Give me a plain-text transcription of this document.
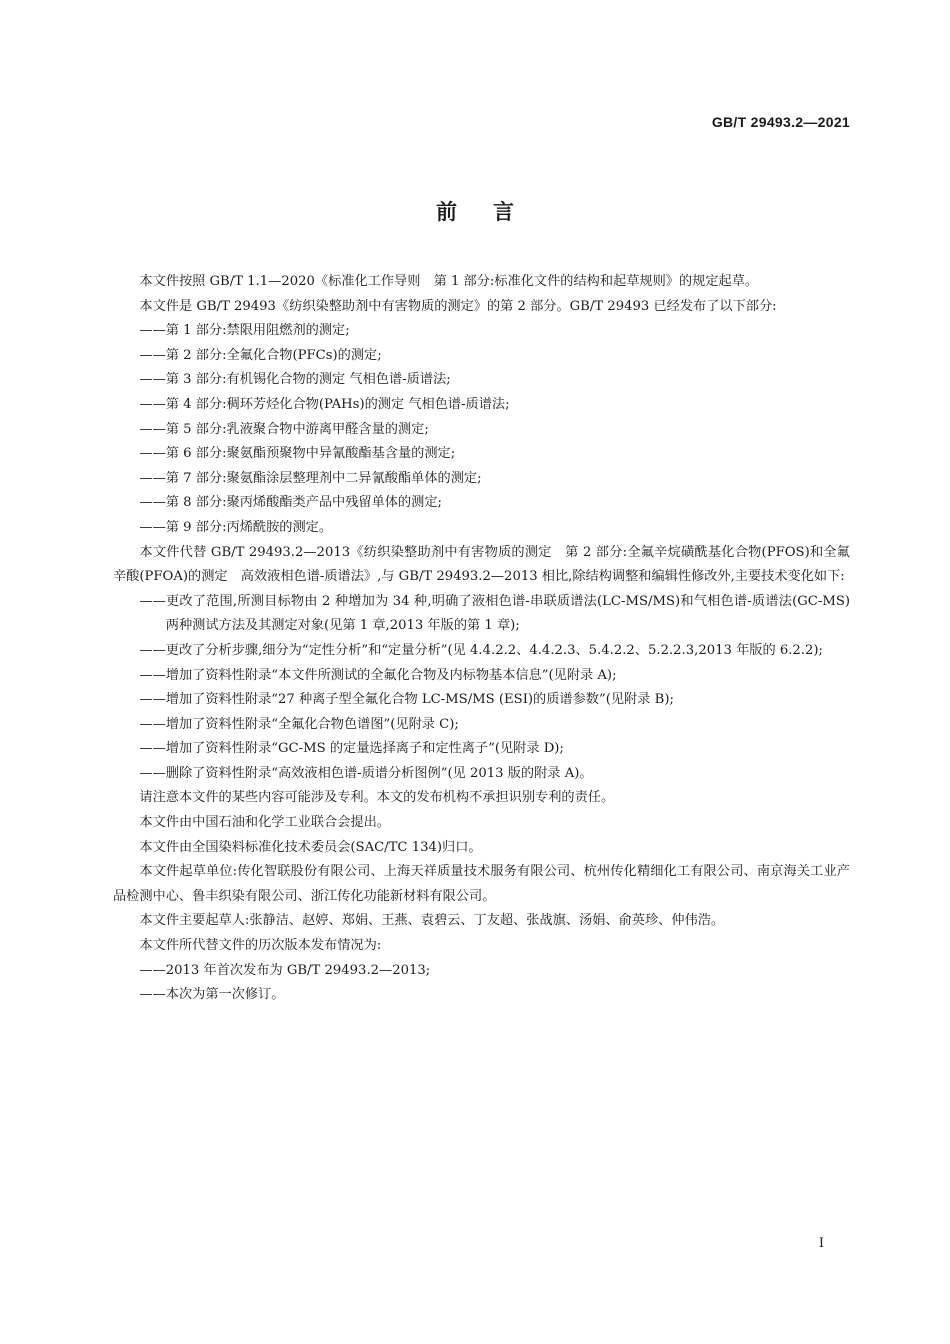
GB/T 29493.2—2021
前言

本文件按照 GB/T 1.1—2020《标准化工作导则　第 1 部分:标准化文件的结构和起草规则》的规定起草。

本文件是 GB/T 29493《纺织染整助剂中有害物质的测定》的第 2 部分。GB/T 29493 已经发布了以下部分:

——第 1 部分:禁限用阻燃剂的测定;

——第 2 部分:全氟化合物(PFCs)的测定;

——第 3 部分:有机锡化合物的测定 气相色谱-质谱法;

——第 4 部分:稠环芳烃化合物(PAHs)的测定 气相色谱-质谱法;

——第 5 部分:乳液聚合物中游离甲醛含量的测定;

——第 6 部分:聚氨酯预聚物中异氰酸酯基含量的测定;

——第 7 部分:聚氨酯涂层整理剂中二异氰酸酯单体的测定;

——第 8 部分:聚丙烯酸酯类产品中残留单体的测定;

——第 9 部分:丙烯酰胺的测定。

本文件代替 GB/T 29493.2—2013《纺织染整助剂中有害物质的测定　第 2 部分:全氟辛烷磺酰基化合物(PFOS)和全氟辛酸(PFOA)的测定　高效液相色谱-质谱法》,与 GB/T 29493.2—2013 相比,除结构调整和编辑性修改外,主要技术变化如下:

——更改了范围,所测目标物由 2 种增加为 34 种,明确了液相色谱-串联质谱法(LC-MS/MS)和气相色谱-质谱法(GC-MS)两种测试方法及其测定对象(见第 1 章,2013 年版的第 1 章);

——更改了分析步骤,细分为“定性分析”和“定量分析”(见 4.4.2.2、4.4.2.3、5.4.2.2、5.2.2.3,2013 年版的 6.2.2);

——增加了资料性附录“本文件所测试的全氟化合物及内标物基本信息”(见附录 A);

——增加了资料性附录“27 种离子型全氟化合物 LC-MS/MS (ESI)的质谱参数”(见附录 B);

——增加了资料性附录“全氟化合物色谱图”(见附录 C);

——增加了资料性附录“GC-MS 的定量选择离子和定性离子”(见附录 D);

——删除了资料性附录“高效液相色谱-质谱分析图例”(见 2013 版的附录 A)。

请注意本文件的某些内容可能涉及专利。本文的发布机构不承担识别专利的责任。

本文件由中国石油和化学工业联合会提出。

本文件由全国染料标准化技术委员会(SAC/TC 134)归口。

本文件起草单位:传化智联股份有限公司、上海天祥质量技术服务有限公司、杭州传化精细化工有限公司、南京海关工业产品检测中心、鲁丰织染有限公司、浙江传化功能新材料有限公司。

本文件主要起草人:张静洁、赵婷、郑娟、王燕、袁碧云、丁友超、张战旗、汤娟、俞英珍、仲伟浩。

本文件所代替文件的历次版本发布情况为:

——2013 年首次发布为 GB/T 29493.2—2013;

——本次为第一次修订。

I
